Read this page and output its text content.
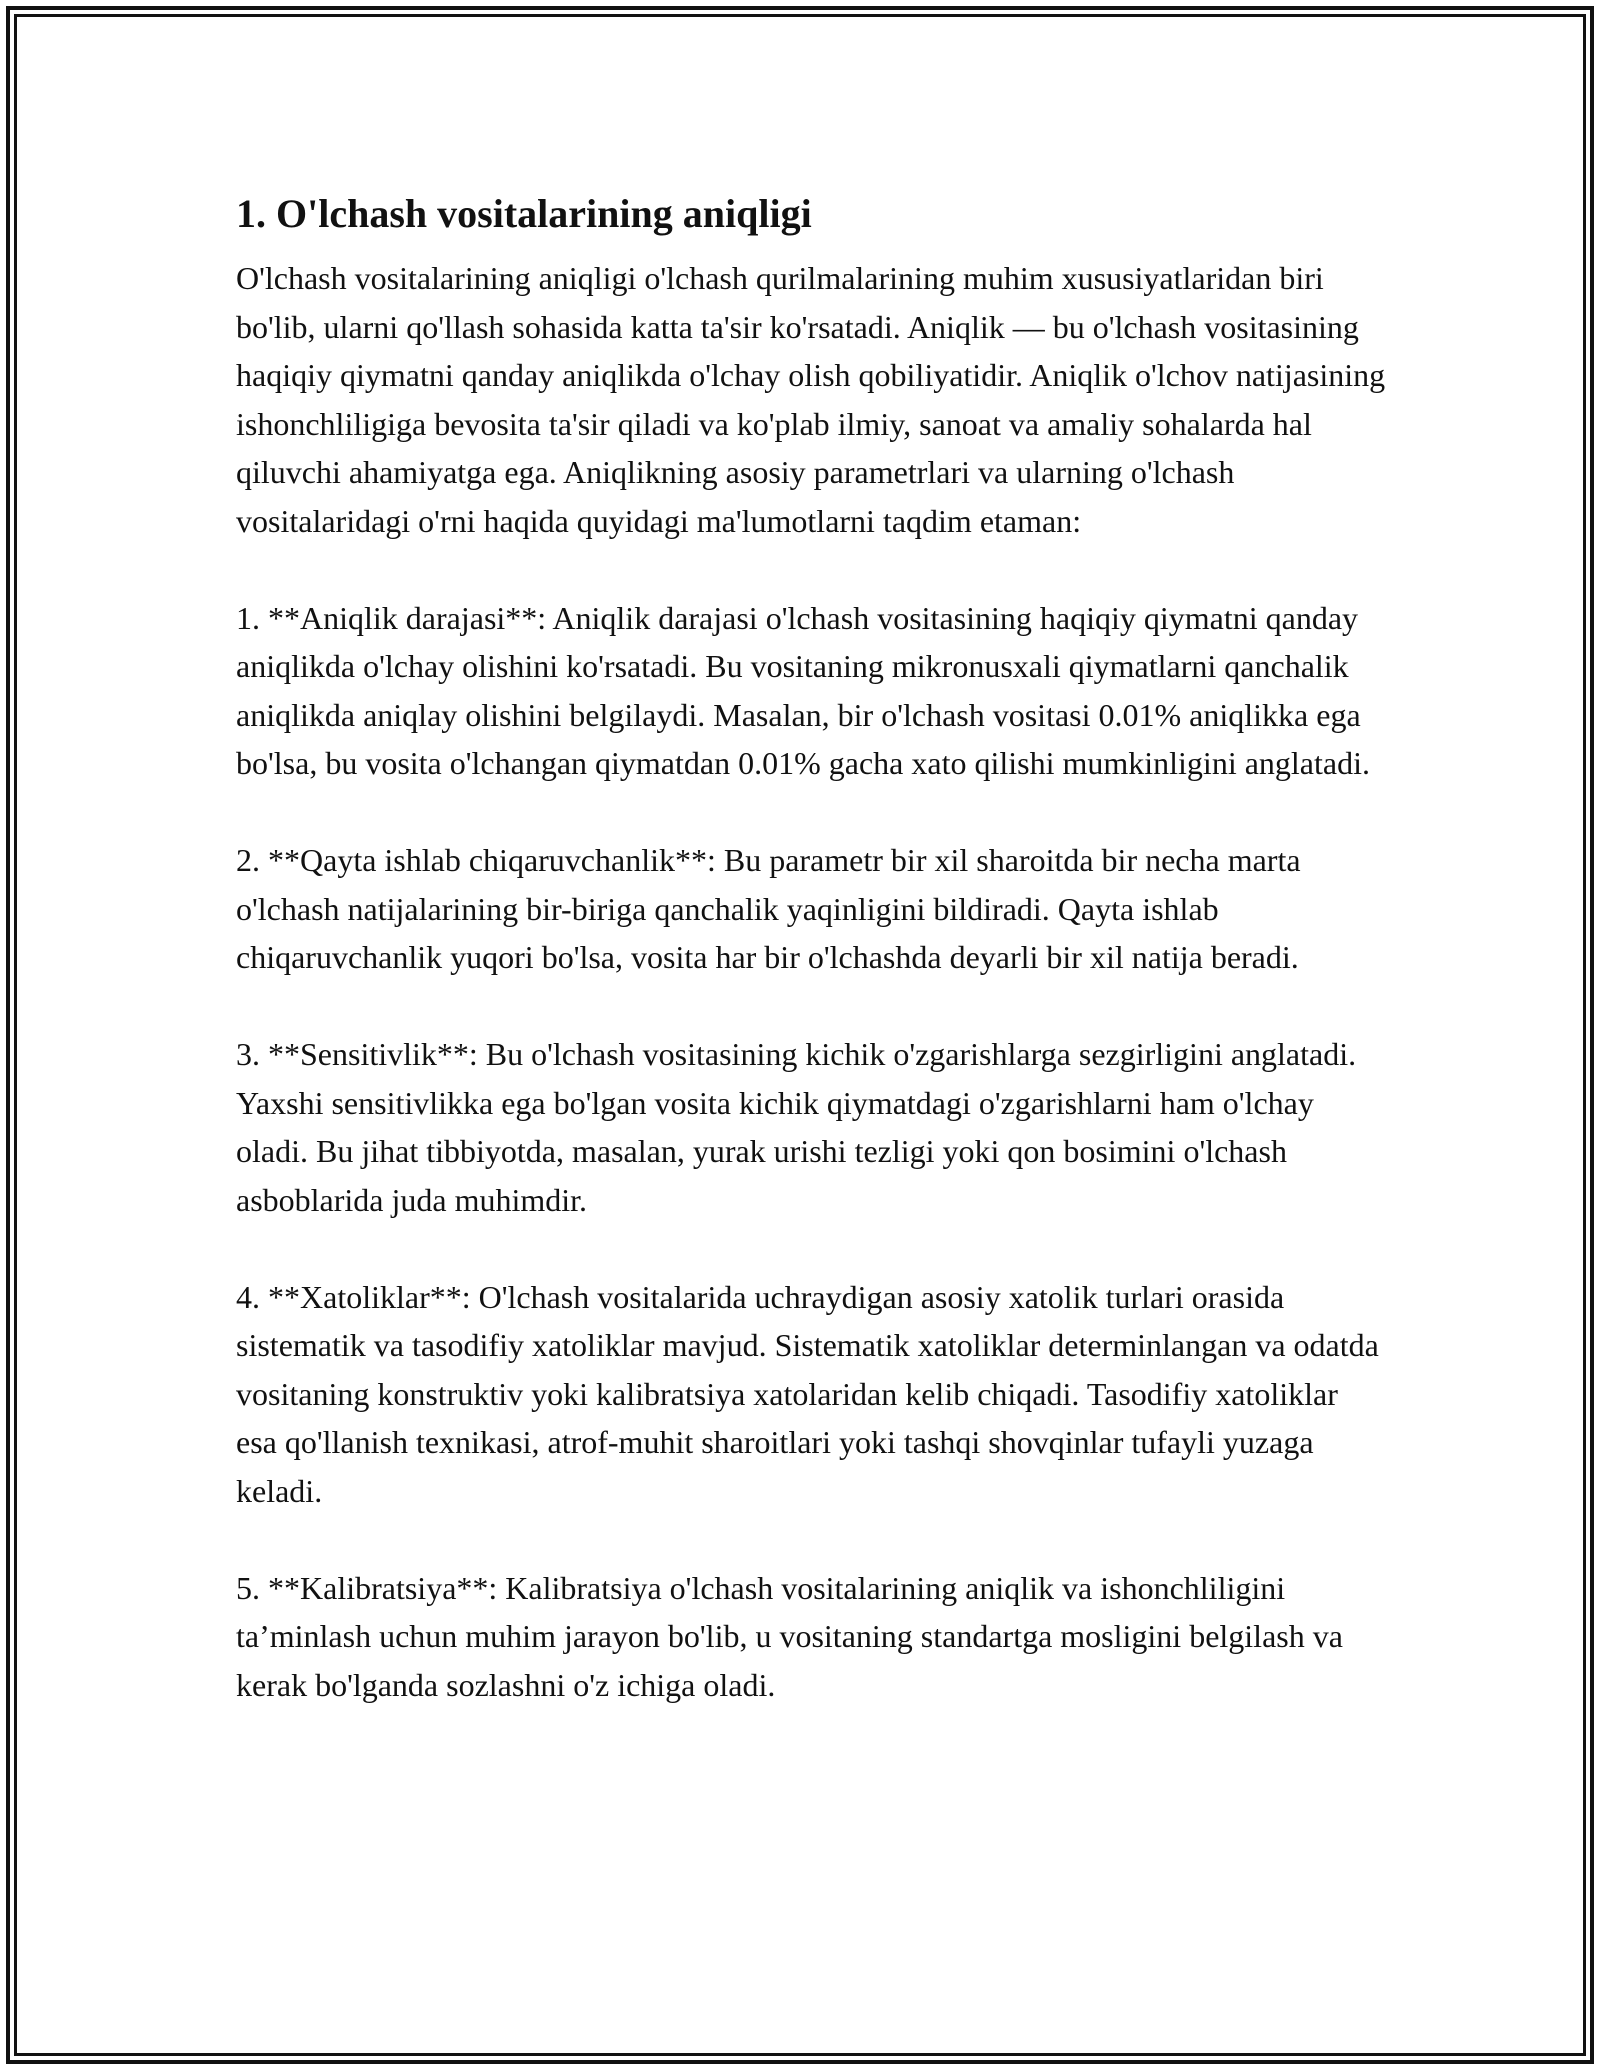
1. O'lchash vositalarining aniqligi

O'lchash vositalarining aniqligi o'lchash qurilmalarining muhim xususiyatlaridan biri bo'lib, ularni qo'llash sohasida katta ta'sir ko'rsatadi. Aniqlik — bu o'lchash vositasining haqiqiy qiymatni qanday aniqlikda o'lchay olish qobiliyatidir. Aniqlik o'lchov natijasining ishonchliligiga bevosita ta'sir qiladi va ko'plab ilmiy, sanoat va amaliy sohalarda hal qiluvchi ahamiyatga ega. Aniqlikning asosiy parametrlari va ularning o'lchash vositalaridagi o'rni haqida quyidagi ma'lumotlarni taqdim etaman:

1. **Aniqlik darajasi**: Aniqlik darajasi o'lchash vositasining haqiqiy qiymatni qanday aniqlikda o'lchay olishini ko'rsatadi. Bu vositaning mikronusxali qiymatlarni qanchalik aniqlikda aniqlay olishini belgilaydi. Masalan, bir o'lchash vositasi 0.01% aniqlikka ega bo'lsa, bu vosita o'lchangan qiymatdan 0.01% gacha xato qilishi mumkinligini anglatadi.

2. **Qayta ishlab chiqaruvchanlik**: Bu parametr bir xil sharoitda bir necha marta o'lchash natijalarining bir-biriga qanchalik yaqinligini bildiradi. Qayta ishlab chiqaruvchanlik yuqori bo'lsa, vosita har bir o'lchashda deyarli bir xil natija beradi.

3. **Sensitivlik**: Bu o'lchash vositasining kichik o'zgarishlarga sezgirligini anglatadi. Yaxshi sensitivlikka ega bo'lgan vosita kichik qiymatdagi o'zgarishlarni ham o'lchay oladi. Bu jihat tibbiyotda, masalan, yurak urishi tezligi yoki qon bosimini o'lchash asboblarida juda muhimdir.

4. **Xatoliklar**: O'lchash vositalarida uchraydigan asosiy xatolik turlari orasida sistematik va tasodifiy xatoliklar mavjud. Sistematik xatoliklar determinlangan va odatda vositaning konstruktiv yoki kalibratsiya xatolaridan kelib chiqadi. Tasodifiy xatoliklar esa qo'llanish texnikasi, atrof-muhit sharoitlari yoki tashqi shovqinlar tufayli yuzaga keladi.

5. **Kalibratsiya**: Kalibratsiya o'lchash vositalarining aniqlik va ishonchliligini ta’minlash uchun muhim jarayon bo'lib, u vositaning standartga mosligini belgilash va kerak bo'lganda sozlashni o'z ichiga oladi.
